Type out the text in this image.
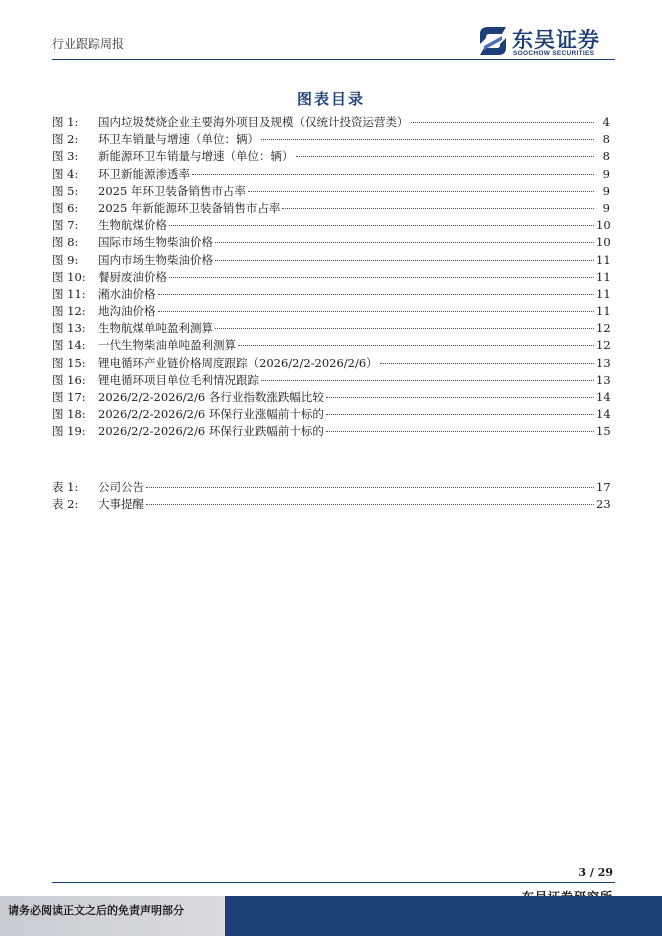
行业跟踪周报	东吴证券
SOOCHOW SECURITIES
图表目录
图 1:	国内垃圾焚烧企业主要海外项目及规模（仅统计投资运营类）	4
图 2:	环卫车销量与增速（单位：辆）	8
图 3:	新能源环卫车销量与增速（单位：辆）	8
图 4:	环卫新能源渗透率	9
图 5:	2025 年环卫装备销售市占率	9
图 6:	2025 年新能源环卫装备销售市占率	9
图 7:	生物航煤价格	10
图 8:	国际市场生物柴油价格	10
图 9:	国内市场生物柴油价格	11
图 10:	餐厨废油价格	11
图 11:	潲水油价格	11
图 12:	地沟油价格	11
图 13:	生物航煤单吨盈利测算	12
图 14:	一代生物柴油单吨盈利测算	12
图 15:	锂电循环产业链价格周度跟踪（2026/2/2-2026/2/6）	13
图 16:	锂电循环项目单位毛利情况跟踪	13
图 17:	2026/2/2-2026/2/6 各行业指数涨跌幅比较	14
图 18:	2026/2/2-2026/2/6 环保行业涨幅前十标的	14
图 19:	2026/2/2-2026/2/6 环保行业跌幅前十标的	15
表 1:	公司公告	17
表 2:	大事提醒	23
3 / 29
请务必阅读正文之后的免责声明部分
